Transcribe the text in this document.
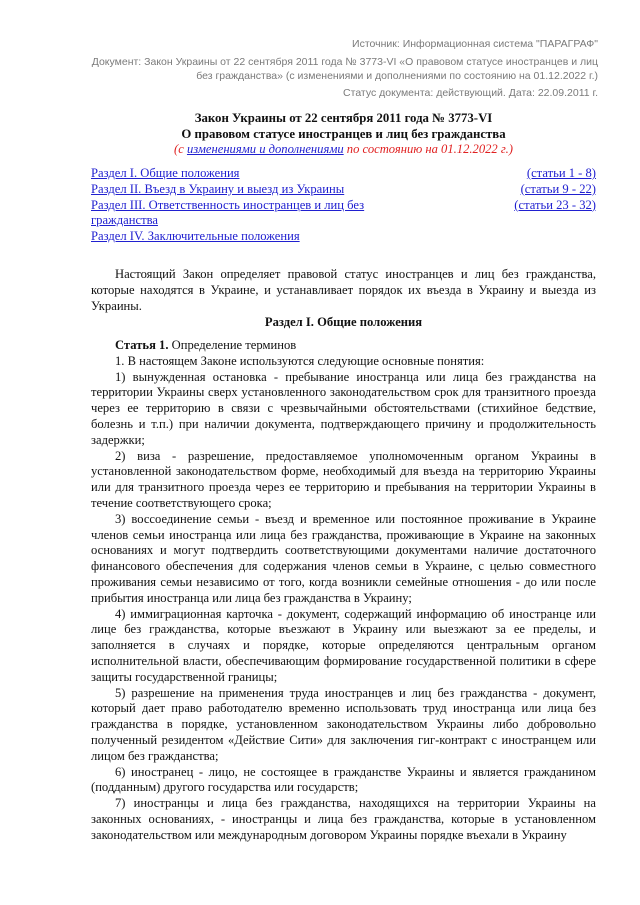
Источник: Информационная система "ПАРАГРАФ"
Документ: Закон Украины от 22 сентября 2011 года № 3773-VI «О правовом статусе иностранцев и лиц без гражданства» (с изменениями и дополнениями по состоянию на 01.12.2022 г.)
Статус документа: действующий. Дата: 22.09.2011 г.
Закон Украины от 22 сентября 2011 года № 3773-VI
О правовом статусе иностранцев и лиц без гражданства
(с изменениями и дополнениями по состоянию на 01.12.2022 г.)
Раздел I. Общие положения	(статьи 1 - 8)
Раздел II. Въезд в Украину и выезд из Украины	(статьи 9 - 22)
Раздел III. Ответственность иностранцев и лиц без гражданства
(статьи 23 - 32)
Раздел IV. Заключительные положения
Настоящий Закон определяет правовой статус иностранцев и лиц без гражданства, которые находятся в Украине, и устанавливает порядок их въезда в Украину и выезда из Украины.
Раздел I. Общие положения

Статья 1. Определение терминов

1. В настоящем Законе используются следующие основные понятия:

1) вынужденная остановка - пребывание иностранца или лица без гражданства на территории Украины сверх установленного законодательством срок для транзитного проезда через ее территорию в связи с чрезвычайными обстоятельствами (стихийное бедствие, болезнь и т.п.) при наличии документа, подтверждающего причину и продолжительность задержки;

2) виза - разрешение, предоставляемое уполномоченным органом Украины в установленной законодательством форме, необходимый для въезда на территорию Украины или для транзитного проезда через ее территорию и пребывания на территории Украины в течение соответствующего срока;

3) воссоединение семьи - въезд и временное или постоянное проживание в Украине членов семьи иностранца или лица без гражданства, проживающие в Украине на законных основаниях и могут подтвердить соответствующими документами наличие достаточного финансового обеспечения для содержания членов семьи в Украине, с целью совместного проживания семьи независимо от того, когда возникли семейные отношения - до или после прибытия иностранца или лица без гражданства в Украину;

4) иммиграционная карточка - документ, содержащий информацию об иностранце или лице без гражданства, которые въезжают в Украину или выезжают за ее пределы, и заполняется в случаях и порядке, которые определяются центральным органом исполнительной власти, обеспечивающим формирование государственной политики в сфере защиты государственной границы;

5) разрешение на применения труда иностранцев и лиц без гражданства - документ, который дает право работодателю временно использовать труд иностранца или лица без гражданства в порядке, установленном законодательством Украины либо добровольно полученный резидентом «Действие Сити» для заключения гиг-контракт с иностранцем или лицом без гражданства;

6) иностранец - лицо, не состоящее в гражданстве Украины и является гражданином (подданным) другого государства или государств;

7) иностранцы и лица без гражданства, находящихся на территории Украины на законных основаниях, - иностранцы и лица без гражданства, которые в установленном законодательством или международным договором Украины порядке въехали в Украину
